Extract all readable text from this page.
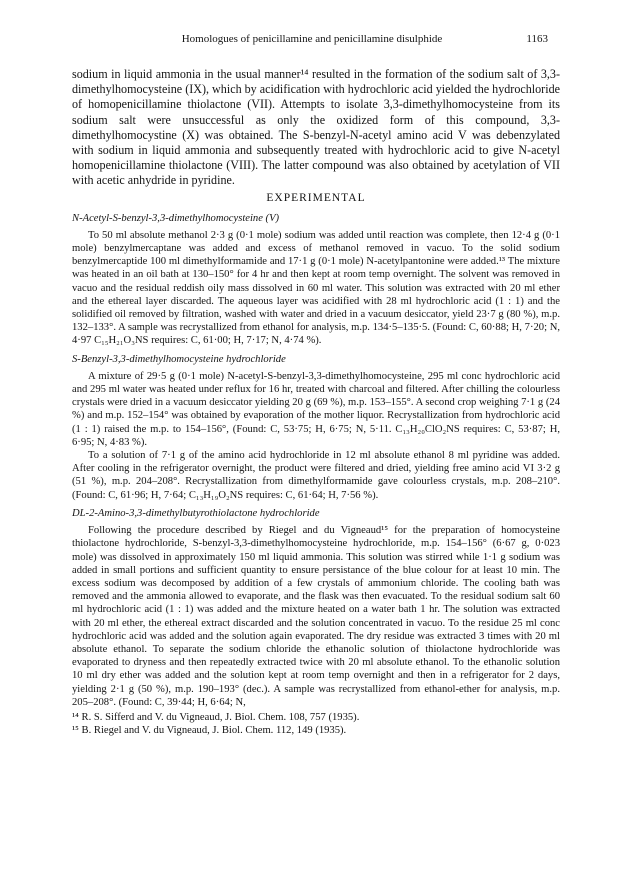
Homologues of penicillamine and penicillamine disulphide	1163

sodium in liquid ammonia in the usual manner¹⁴ resulted in the formation of the sodium salt of 3,3-dimethylhomocysteine (IX), which by acidification with hydrochloric acid yielded the hydrochloride of homopenicillamine thiolactone (VII). Attempts to isolate 3,3-dimethylhomocysteine from its sodium salt were unsuccessful as only the oxidized form of this compound, 3,3-dimethylhomocystine (X) was obtained. The S-benzyl-N-acetyl amino acid V was debenzylated with sodium in liquid ammonia and subsequently treated with hydrochloric acid to give N-acetyl homopenicillamine thiolactone (VIII). The latter compound was also obtained by acetylation of VII with acetic anhydride in pyridine.

EXPERIMENTAL
N-Acetyl-S-benzyl-3,3-dimethylhomocysteine (V)

To 50 ml absolute methanol 2·3 g (0·1 mole) sodium was added until reaction was complete, then 12·4 g (0·1 mole) benzylmercaptane was added and excess of methanol removed in vacuo. To the solid sodium benzylmercaptide 100 ml dimethylformamide and 17·1 g (0·1 mole) N-acetylpantonine were added.¹³ The mixture was heated in an oil bath at 130–150° for 4 hr and then kept at room temp overnight. The solvent was removed in vacuo and the residual reddish oily mass dissolved in 60 ml water. This solution was extracted with 20 ml ether and the ethereal layer discarded. The aqueous layer was acidified with 28 ml hydrochloric acid (1 : 1) and the solidified oil removed by filtration, washed with water and dried in a vacuum desiccator, yield 23·7 g (80 %), m.p. 132–133°. A sample was recrystallized from ethanol for analysis, m.p. 134·5–135·5. (Found: C, 60·88; H, 7·20; N, 4·97 C₁₅H₂₁O₃NS requires: C, 61·00; H, 7·17; N, 4·74 %).

S-Benzyl-3,3-dimethylhomocysteine hydrochloride

A mixture of 29·5 g (0·1 mole) N-acetyl-S-benzyl-3,3-dimethylhomocysteine, 295 ml conc hydrochloric acid and 295 ml water was heated under reflux for 16 hr, treated with charcoal and filtered. After chilling the colourless crystals were dried in a vacuum desiccator yielding 20 g (69 %), m.p. 153–155°. A second crop weighing 7·1 g (24 %) and m.p. 152–154° was obtained by evaporation of the mother liquor. Recrystallization from hydrochloric acid (1 : 1) raised the m.p. to 154–156°, (Found: C, 53·75; H, 6·75; N, 5·11. C₁₃H₂₀ClO₂NS requires: C, 53·87; H, 6·95; N, 4·83 %).

To a solution of 7·1 g of the amino acid hydrochloride in 12 ml absolute ethanol 8 ml pyridine was added. After cooling in the refrigerator overnight, the product were filtered and dried, yielding free amino acid VI 3·2 g (51 %), m.p. 204–208°. Recrystallization from dimethylformamide gave colourless crystals, m.p. 208–210°. (Found: C, 61·96; H, 7·64; C₁₃H₁₉O₂NS requires: C, 61·64; H, 7·56 %).

DL-2-Amino-3,3-dimethylbutyrothiolactone hydrochloride

Following the procedure described by Riegel and du Vigneaud¹⁵ for the preparation of homocysteine thiolactone hydrochloride, S-benzyl-3,3-dimethylhomocysteine hydrochloride, m.p. 154–156° (6·67 g, 0·023 mole) was dissolved in approximately 150 ml liquid ammonia. This solution was stirred while 1·1 g sodium was added in small portions and sufficient quantity to ensure persistance of the blue colour for at least 10 min. The excess sodium was decomposed by addition of a few crystals of ammonium chloride. The cooling bath was removed and the ammonia allowed to evaporate, and the flask was then evacuated. To the residual sodium salt 60 ml hydrochloric acid (1 : 1) was added and the mixture heated on a water bath 1 hr. The solution was extracted with 20 ml ether, the ethereal extract discarded and the solution concentrated in vacuo. To the residue 25 ml conc hydrochloric acid was added and the solution again evaporated. The dry residue was extracted 3 times with 20 ml absolute ethanol. To separate the sodium chloride the ethanolic solution of thiolactone hydrochloride was evaporated to dryness and then repeatedly extracted twice with 20 ml absolute ethanol. To the ethanolic solution 10 ml dry ether was added and the solution kept at room temp overnight and then in a refrigerator for 2 days, yielding 2·1 g (50 %), m.p. 190–193° (dec.). A sample was recrystallized from ethanol-ether for analysis, m.p. 205–208°. (Found: C, 39·44; H, 6·64; N,

¹⁴ R. S. Sifferd and V. du Vigneaud, J. Biol. Chem. 108, 757 (1935).

¹⁵ B. Riegel and V. du Vigneaud, J. Biol. Chem. 112, 149 (1935).
